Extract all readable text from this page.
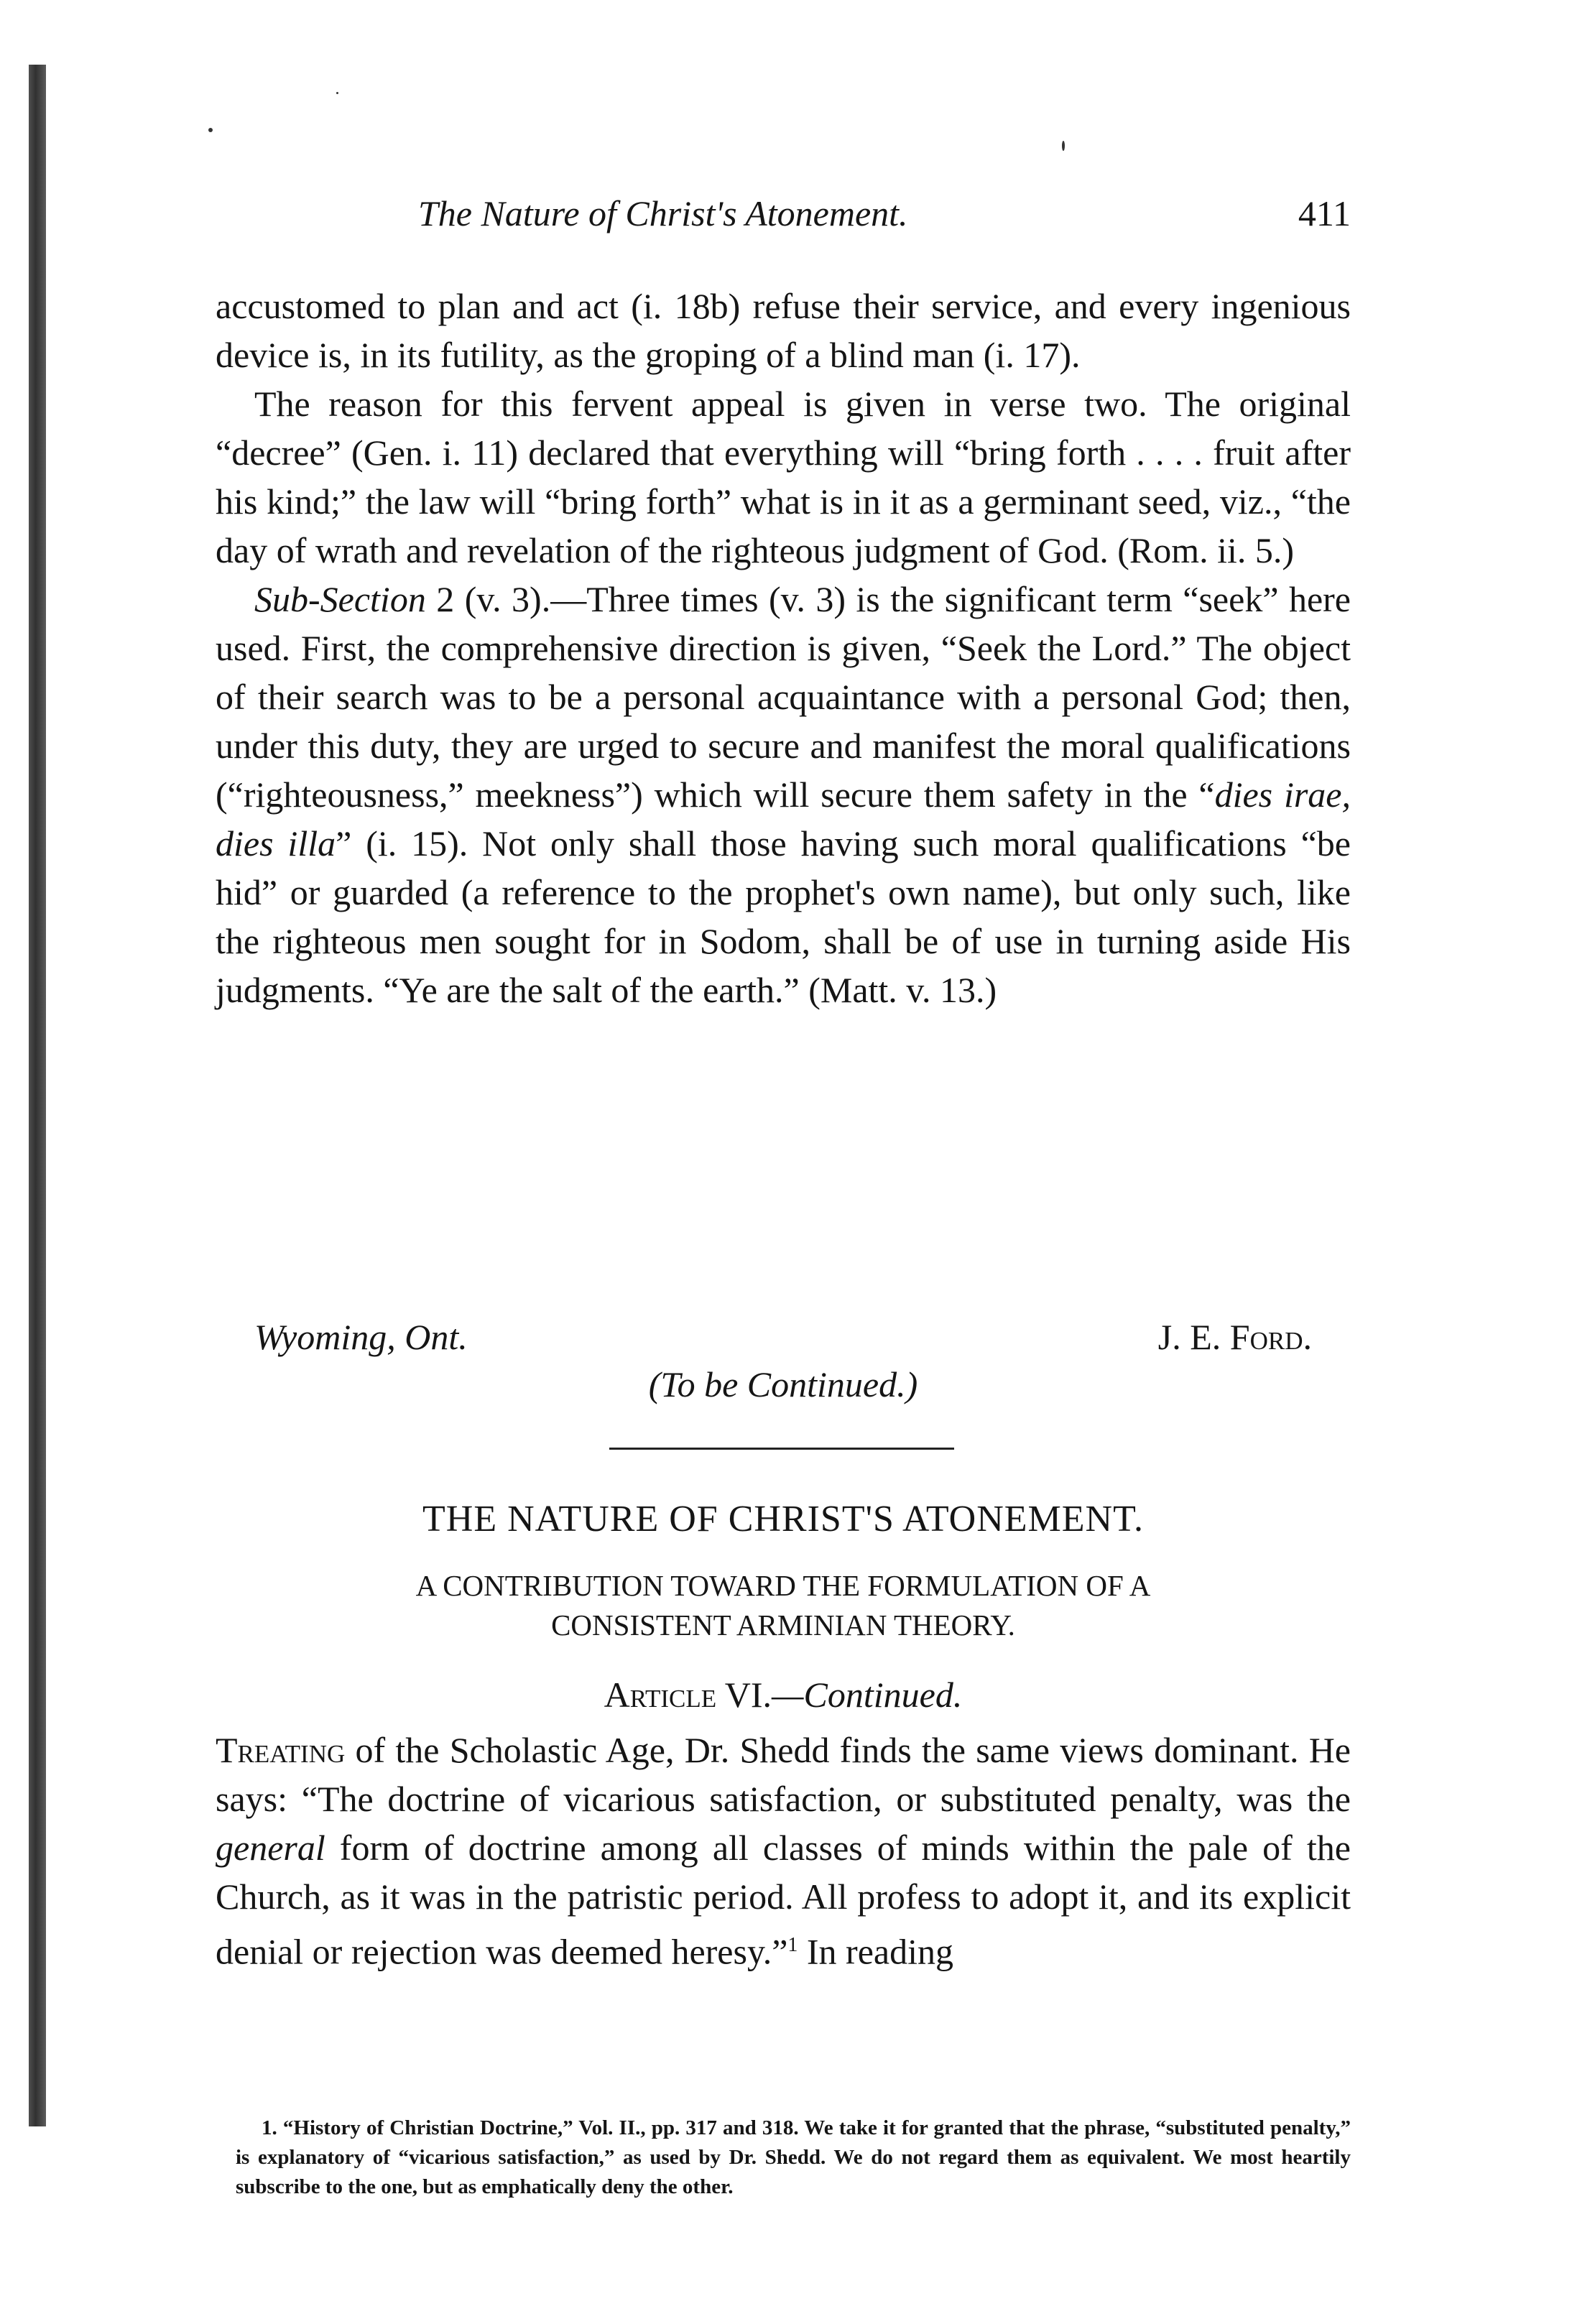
The Nature of Christ's Atonement.	411

accustomed to plan and act (i. 18b) refuse their service, and every ingenious device is, in its futility, as the groping of a blind man (i. 17).

The reason for this fervent appeal is given in verse two. The original “decree” (Gen. i. 11) declared that everything will “bring forth . . . . fruit after his kind;” the law will “bring forth” what is in it as a germinant seed, viz., “the day of wrath and revelation of the righteous judgment of God. (Rom. ii. 5.)

Sub-Section 2 (v. 3).—Three times (v. 3) is the significant term “seek” here used. First, the comprehensive direction is given, “Seek the Lord.” The object of their search was to be a personal acquaintance with a personal God; then, under this duty, they are urged to secure and manifest the moral qualifications (“righteousness,” meekness”) which will secure them safety in the “dies irae, dies illa” (i. 15). Not only shall those having such moral qualifications “be hid” or guarded (a reference to the prophet's own name), but only such, like the righteous men sought for in Sodom, shall be of use in turning aside His judgments. “Ye are the salt of the earth.” (Matt. v. 13.)

Wyoming, Ont.	J. E. Ford.
(To be Continued.)
THE NATURE OF CHRIST'S ATONEMENT.
A CONTRIBUTION TOWARD THE FORMULATION OF A
CONSISTENT ARMINIAN THEORY.
Article VI.—Continued.

Treating of the Scholastic Age, Dr. Shedd finds the same views dominant. He says: “The doctrine of vicarious satisfaction, or substituted penalty, was the general form of doctrine among all classes of minds within the pale of the Church, as it was in the patristic period. All profess to adopt it, and its explicit denial or rejection was deemed heresy.”$^1$ In reading

1. “History of Christian Doctrine,” Vol. II., pp. 317 and 318. We take it for granted that the phrase, “substituted penalty,” is explanatory of “vicarious satisfaction,” as used by Dr. Shedd. We do not regard them as equivalent. We most heartily subscribe to the one, but as emphatically deny the other.
